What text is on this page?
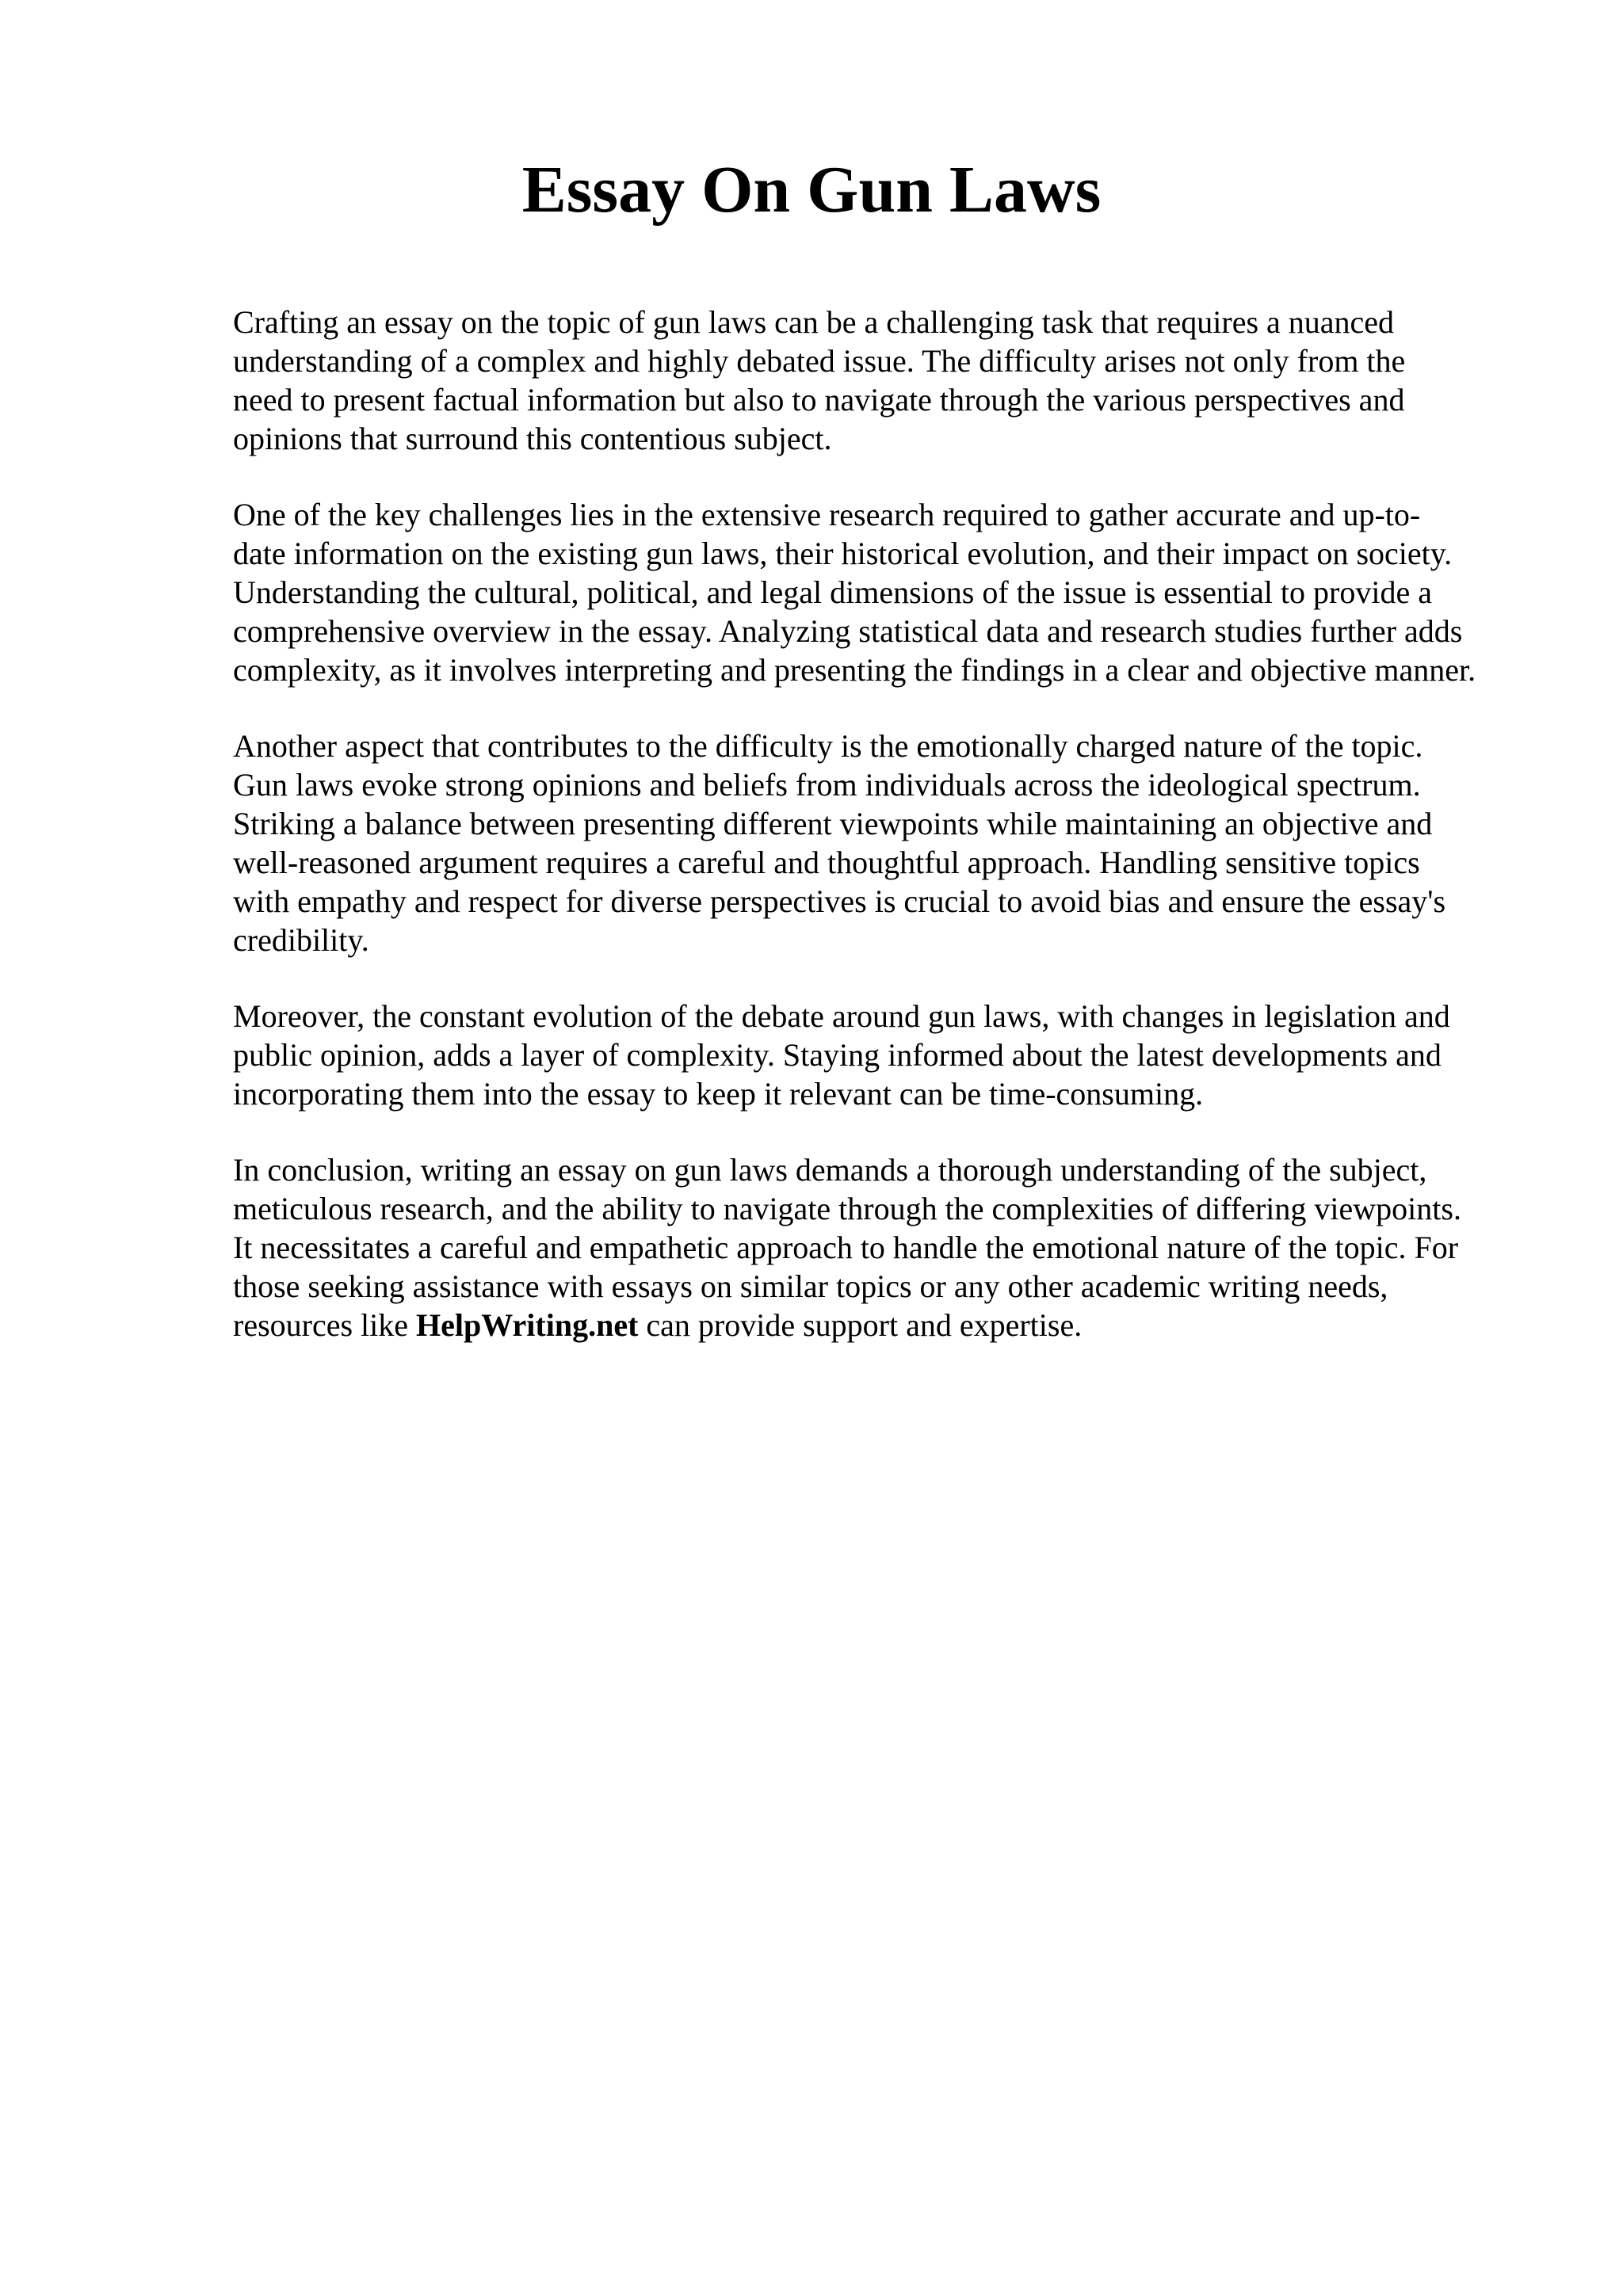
Essay On Gun Laws

Crafting an essay on the topic of gun laws can be a challenging task that requires a nuanced
understanding of a complex and highly debated issue. The difficulty arises not only from the
need to present factual information but also to navigate through the various perspectives and
opinions that surround this contentious subject.

One of the key challenges lies in the extensive research required to gather accurate and up-to-
date information on the existing gun laws, their historical evolution, and their impact on society.
Understanding the cultural, political, and legal dimensions of the issue is essential to provide a
comprehensive overview in the essay. Analyzing statistical data and research studies further adds
complexity, as it involves interpreting and presenting the findings in a clear and objective manner.

Another aspect that contributes to the difficulty is the emotionally charged nature of the topic.
Gun laws evoke strong opinions and beliefs from individuals across the ideological spectrum.
Striking a balance between presenting different viewpoints while maintaining an objective and
well-reasoned argument requires a careful and thoughtful approach. Handling sensitive topics
with empathy and respect for diverse perspectives is crucial to avoid bias and ensure the essay's
credibility.

Moreover, the constant evolution of the debate around gun laws, with changes in legislation and
public opinion, adds a layer of complexity. Staying informed about the latest developments and
incorporating them into the essay to keep it relevant can be time-consuming.

In conclusion, writing an essay on gun laws demands a thorough understanding of the subject,
meticulous research, and the ability to navigate through the complexities of differing viewpoints.
It necessitates a careful and empathetic approach to handle the emotional nature of the topic. For
those seeking assistance with essays on similar topics or any other academic writing needs,
resources like HelpWriting.net can provide support and expertise.
